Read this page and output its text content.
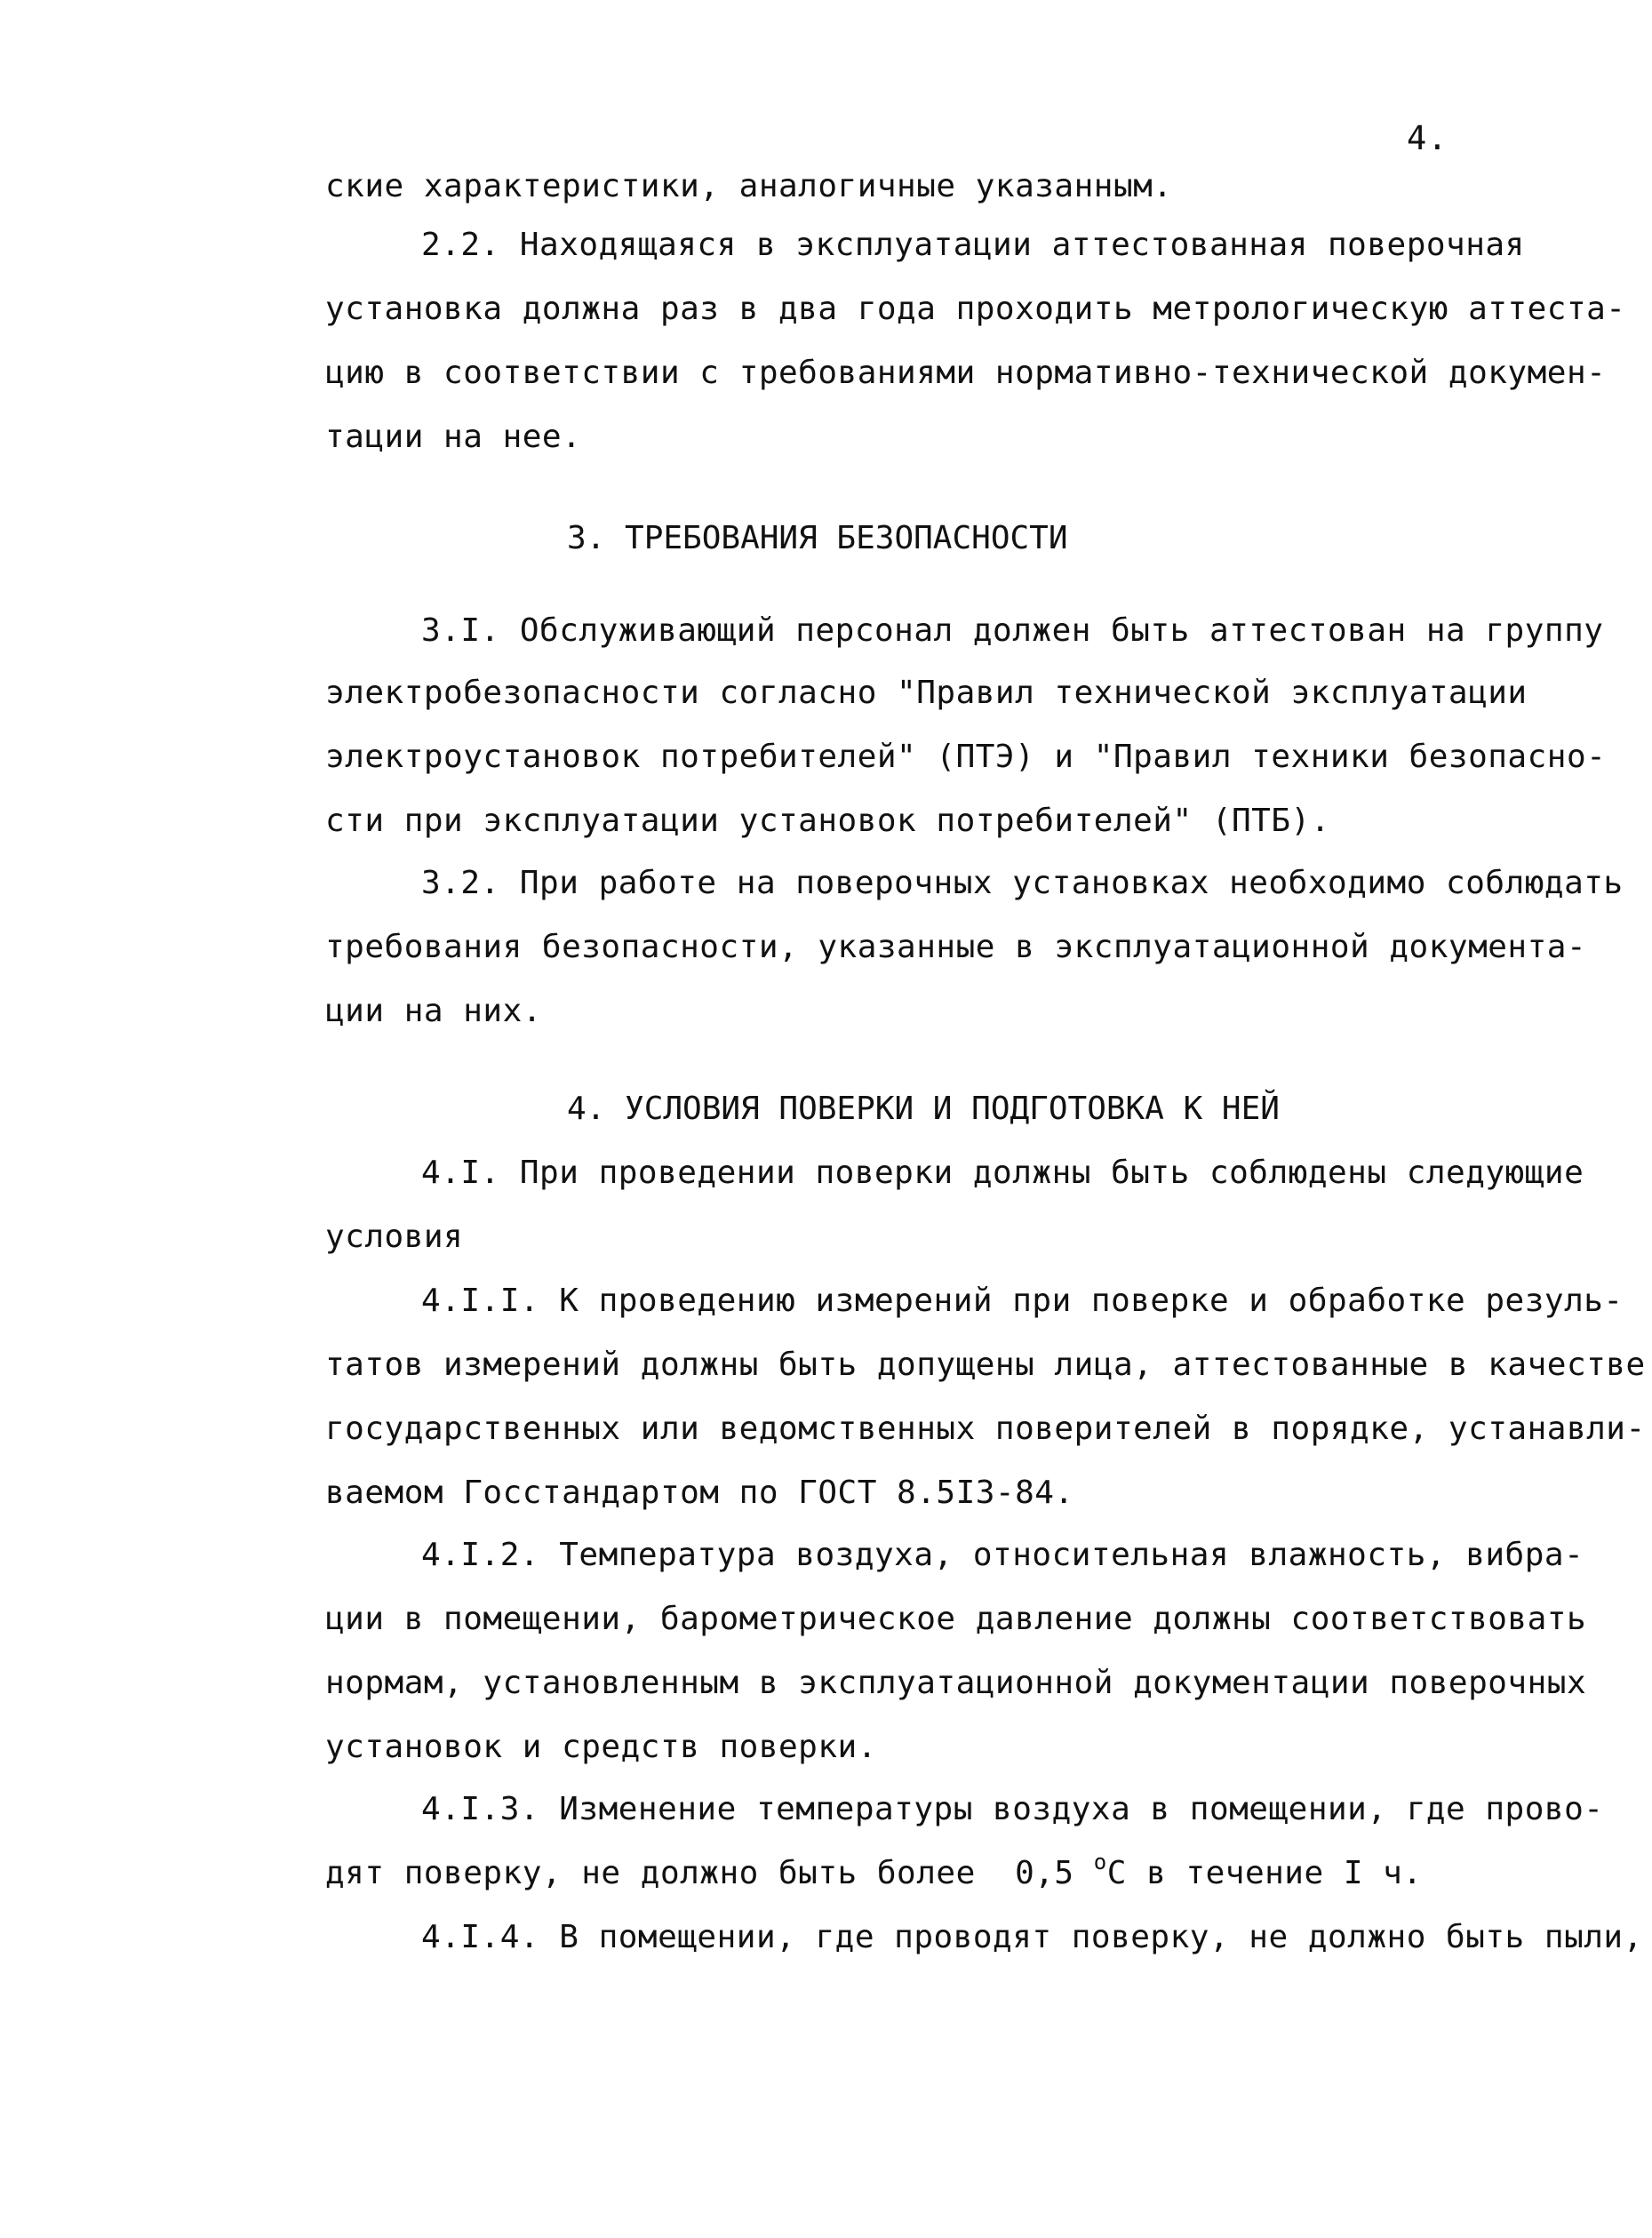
4.
ские характеристики, аналогичные указанным.
2.2. Находящаяся в эксплуатации аттестованная поверочная
установка должна раз в два года проходить метрологическую аттеста-
цию в соответствии с требованиями нормативно-технической докумен-
тации на нее.
3. ТРЕБОВАНИЯ БЕЗОПАСНОСТИ
3.I. Обслуживающий персонал должен быть аттестован на группу
электробезопасности согласно "Правил технической эксплуатации
электроустановок потребителей" (ПТЭ) и "Правил техники безопасно-
сти при эксплуатации установок потребителей" (ПТБ).
3.2. При работе на поверочных установках необходимо соблюдать
требования безопасности, указанные в эксплуатационной документа-
ции на них.
4. УСЛОВИЯ ПОВЕРКИ И ПОДГОТОВКА К НЕЙ
4.I. При проведении поверки должны быть соблюдены следующие
условия
4.I.I. К проведению измерений при поверке и обработке резуль-
татов измерений должны быть допущены лица, аттестованные в качестве
государственных или ведомственных поверителей в порядке, устанавли-
ваемом Госстандартом по ГОСТ 8.5I3-84.
4.I.2. Температура воздуха, относительная влажность, вибра-
ции в помещении, барометрическое давление должны соответствовать
нормам, установленным в эксплуатационной документации поверочных
установок и средств поверки.
4.I.3. Изменение температуры воздуха в помещении, где прово-
дят поверку, не должно быть более  0,5 $^о$С в течение I ч.
4.I.4. В помещении, где проводят поверку, не должно быть пыли,
